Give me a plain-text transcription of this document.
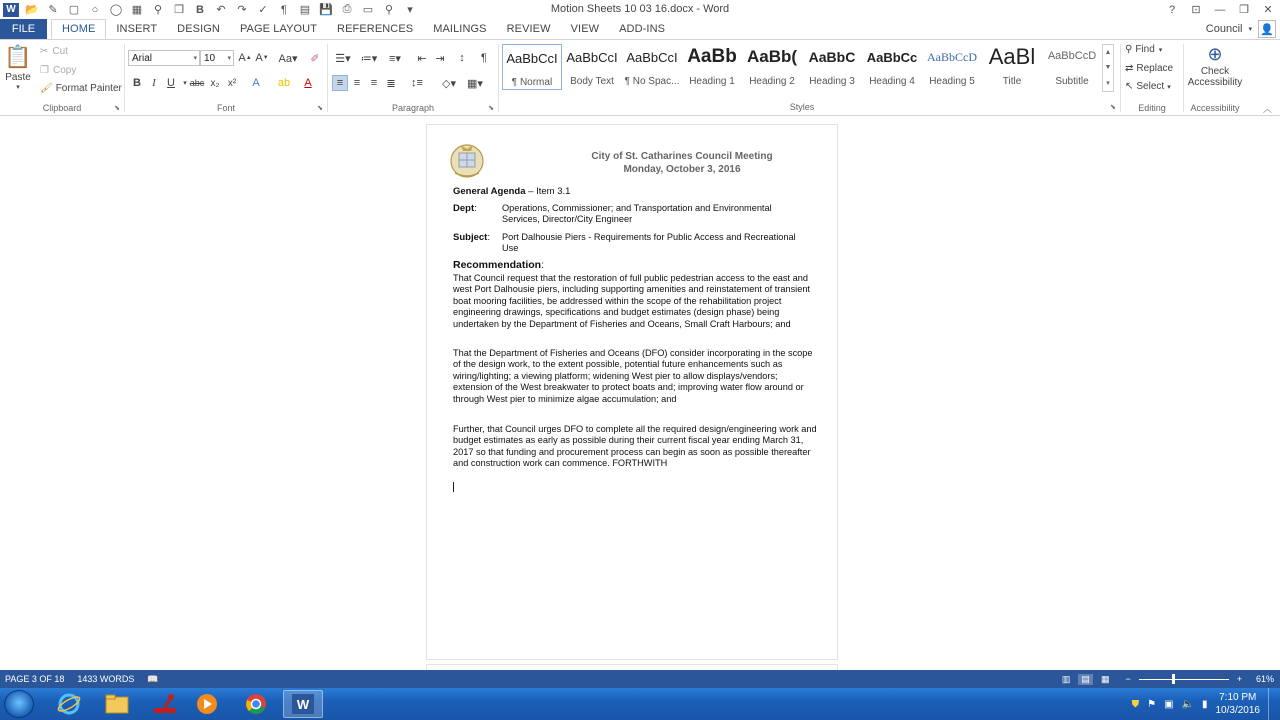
W 📂 ✎	▢	○	◯ ▦	⚲	❐	B	↶	↷	✓	¶	▤ 💾 ⎙	▭	⚲	▾	Motion Sheets 10 03 16.docx - Word	?	⊡	—	❐	✕
FILE	HOME	INSERT	DESIGN	PAGE LAYOUT	REFERENCES	MAILINGS	REVIEW	VIEW	ADD-INS	Council ▾ 👤
📋
Paste
▾
✂ Cut
❐ Copy
🖌 Format Painter
Clipboard	⬊
Arial	▾ 10 ▾ A ▲ A ▼ Aa▾	✐
B	I	U	▾ abc x₂ x²	A	ab	A
Font	⬊
☰▾ ≔▾	≡▾	⇤ ⇥	↕	¶
≡ ≡ ≡ ≣	↕≡	◇▾	▦▾
Paragraph	⬊
AaBbCcI
¶ Normal
AaBbCcI
Body Text
AaBbCcI
¶ No Spac...
AaBb
Heading 1
AaBb(
Heading 2
AaBbC
Heading 3
AaBbCc
Heading 4
AaBbCcD
Heading 5
AaBl
Title
AaBbCcD
Subtitle
▲
▼
▾
Styles	⬊
⚲ Find ▾
⇄ Replace
↖ Select ▾
Editing
⊕
Check
Accessibility
Accessibility	︿
City of St. Catharines Council Meeting
Monday, October 3, 2016
General Agenda – Item 3.1
Dept:	Operations, Commissioner; and Transportation and Environmental Services, Director/City Engineer
Subject: Port Dalhousie Piers - Requirements for Public Access and Recreational Use
Recommendation:
That Council request that the restoration of full public pedestrian access to the east and west Port Dalhousie piers, including supporting amenities and reinstatement of transient boat mooring facilities, be addressed within the scope of the rehabilitation project engineering drawings, specifications and budget estimates (design phase) being undertaken by the Department of Fisheries and Oceans, Small Craft Harbours; and
That the Department of Fisheries and Oceans (DFO) consider incorporating in the scope of the design work, to the extent possible, potential future enhancements such as wiring/lighting; a viewing platform; widening West pier to allow displays/vendors; extension of the West breakwater to protect boats and; improving water flow around or through West pier to minimize algae accumulation; and
Further, that Council urges DFO to complete all the required design/engineering work and budget estimates as early as possible during their current fiscal year ending March 31, 2017 so that funding and procurement process can begin as soon as possible thereafter and construction work can commence. FORTHWITH
PAGE 3 OF 18 1433 WORDS 📖	▥	▤	▦ −	+ 61%
W	⛊ ⚑ ▣ 🔈 ▮
7:10 PM
10/3/2016
